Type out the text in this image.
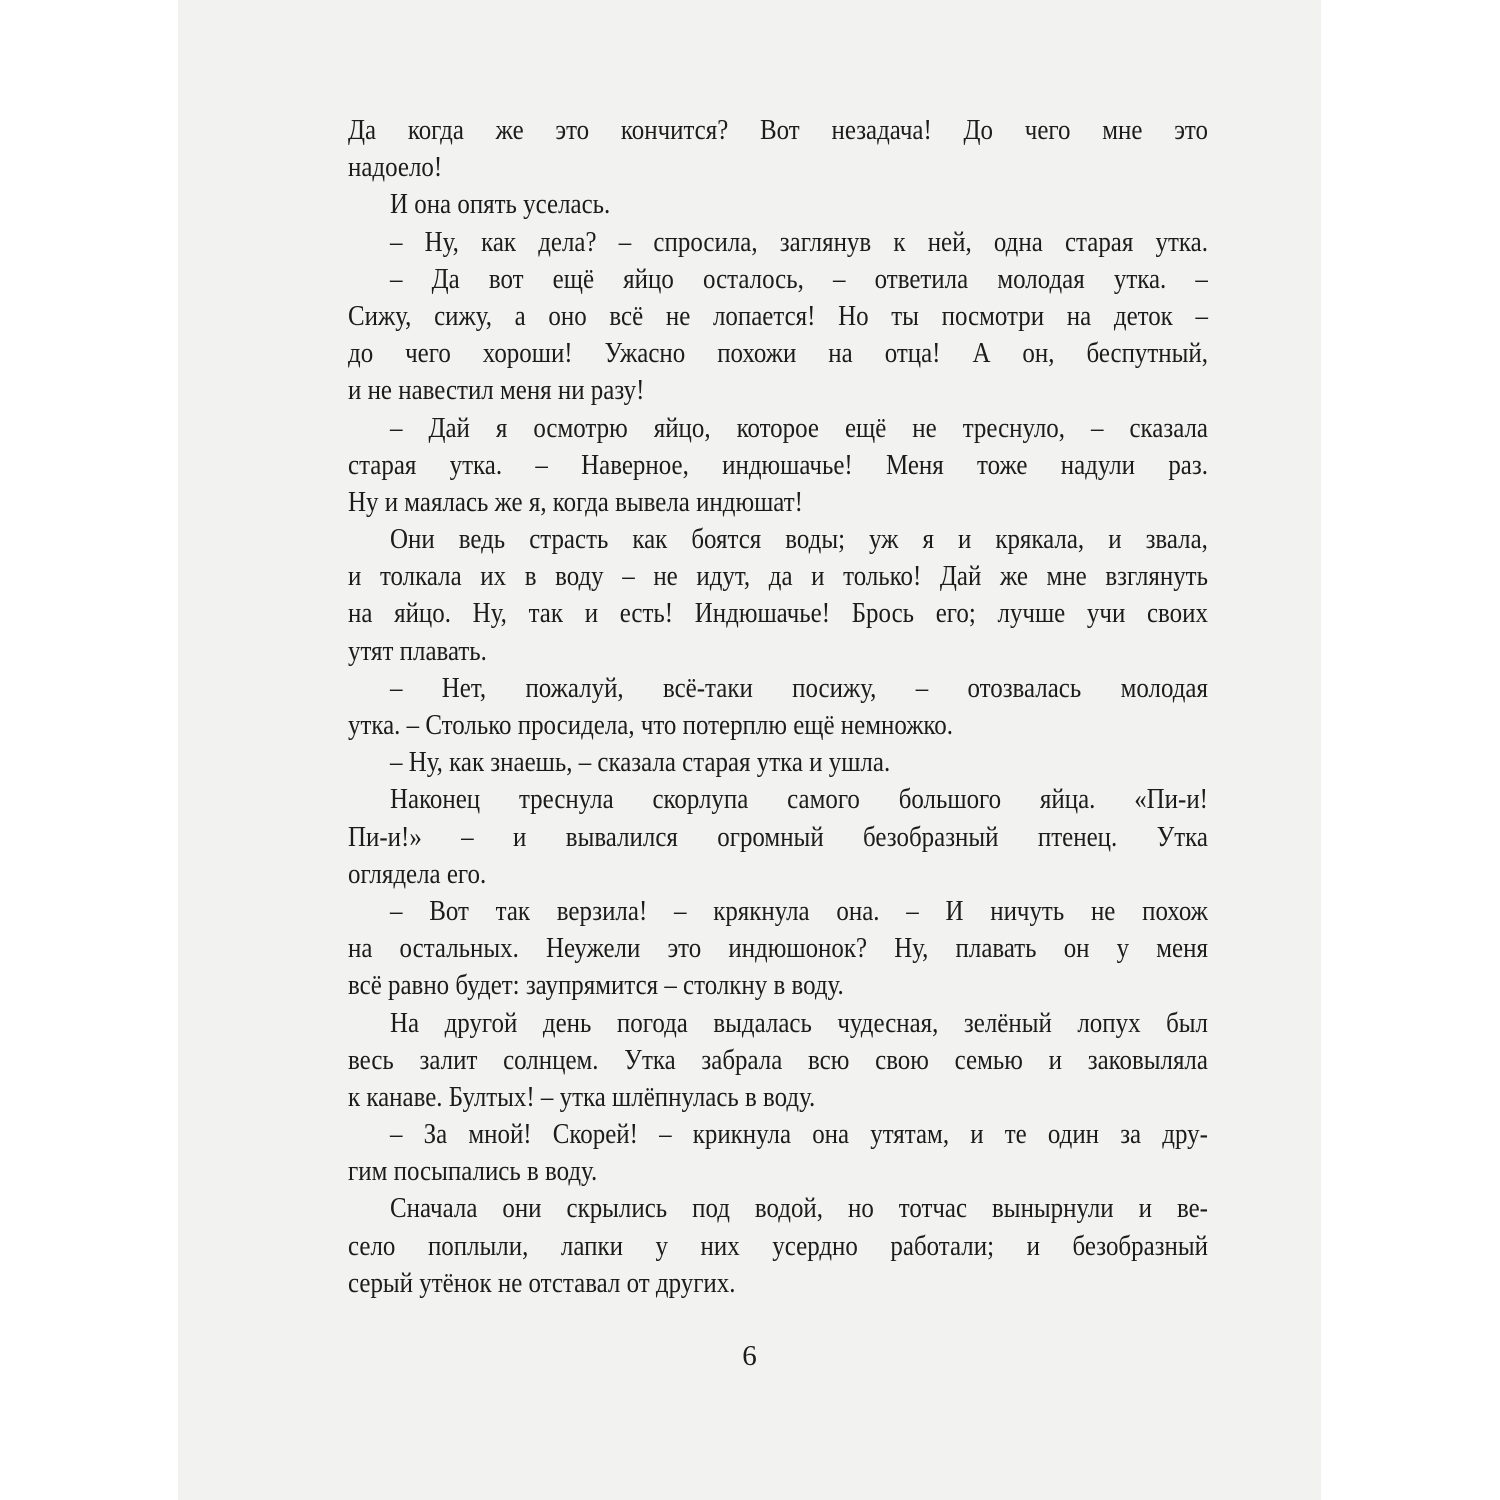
Да когда же это кончится? Вот незадача! До чего мне это
надоело!
И она опять уселась.
– Ну, как дела? – спросила, заглянув к ней, одна старая утка.
– Да вот ещё яйцо осталось, – ответила молодая утка. –
Сижу, сижу, а оно всё не лопается! Но ты посмотри на деток –
до чего хороши! Ужасно похожи на отца! А он, беспутный,
и не навестил меня ни разу!
– Дай я осмотрю яйцо, которое ещё не треснуло, – сказала
старая утка. – Наверное, индюшачье! Меня тоже надули раз.
Ну и маялась же я, когда вывела индюшат!
Они ведь страсть как боятся воды; уж я и крякала, и звала,
и толкала их в воду – не идут, да и только! Дай же мне взглянуть
на яйцо. Ну, так и есть! Индюшачье! Брось его; лучше учи своих
утят плавать.
– Нет, пожалуй, всё-таки посижу, – отозвалась молодая
утка. – Столько просидела, что потерплю ещё немножко.
– Ну, как знаешь, – сказала старая утка и ушла.
Наконец треснула скорлупа самого большого яйца. «Пи-и!
Пи-и!» – и вывалился огромный безобразный птенец. Утка
оглядела его.
– Вот так верзила! – крякнула она. – И ничуть не похож
на остальных. Неужели это индюшонок? Ну, плавать он у меня
всё равно будет: заупрямится – столкну в воду.
На другой день погода выдалась чудесная, зелёный лопух был
весь залит солнцем. Утка забрала всю свою семью и заковыляла
к канаве. Бултых! – утка шлёпнулась в воду.
– За мной! Скорей! – крикнула она утятам, и те один за дру-
гим посыпались в воду.
Сначала они скрылись под водой, но тотчас вынырнули и ве-
село поплыли, лапки у них усердно работали; и безобразный
серый утёнок не отставал от других.
6
